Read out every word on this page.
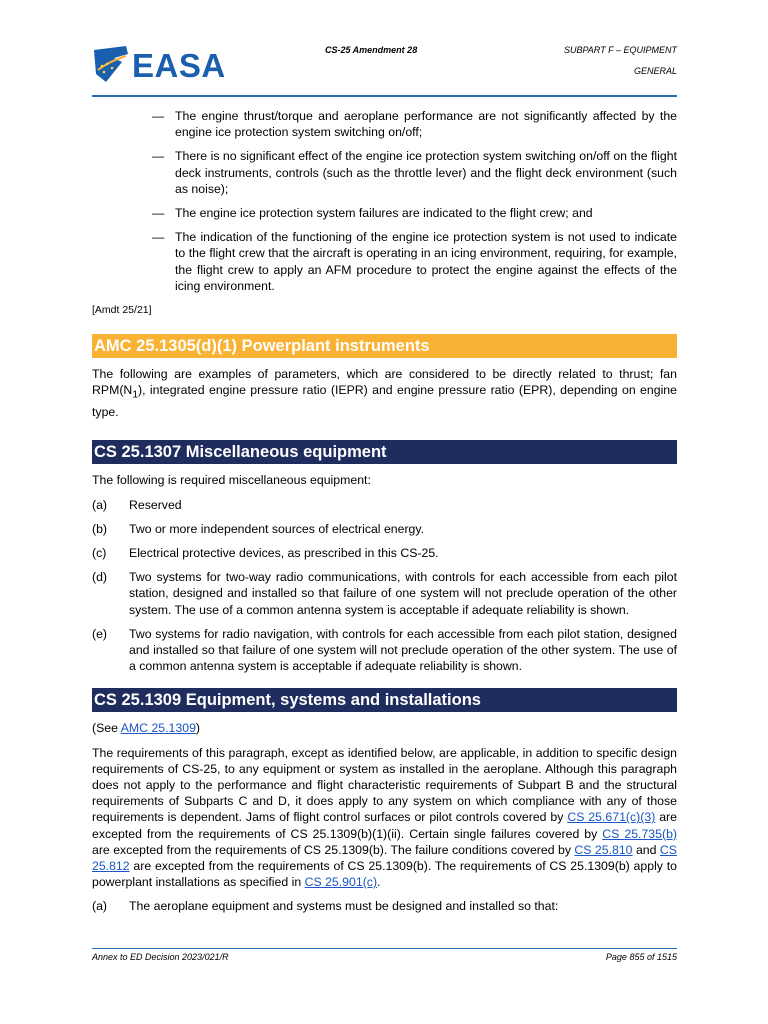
EASA	CS-25 Amendment 28	SUBPART F – EQUIPMENT
GENERAL
— The engine thrust/torque and aeroplane performance are not significantly affected by the engine ice protection system switching on/off;
— There is no significant effect of the engine ice protection system switching on/off on the flight deck instruments, controls (such as the throttle lever) and the flight deck environment (such as noise);
— The engine ice protection system failures are indicated to the flight crew; and
— The indication of the functioning of the engine ice protection system is not used to indicate to the flight crew that the aircraft is operating in an icing environment, requiring, for example, the flight crew to apply an AFM procedure to protect the engine against the effects of the icing environment.
[Amdt 25/21]
AMC 25.1305(d)(1) Powerplant instruments

The following are examples of parameters, which are considered to be directly related to thrust; fan $RPM(N_1)$, integrated engine pressure ratio (IEPR) and engine pressure ratio (EPR), depending on engine type.

CS 25.1307 Miscellaneous equipment

The following is required miscellaneous equipment:

(a) Reserved
(b) Two or more independent sources of electrical energy.
(c) Electrical protective devices, as prescribed in this CS-25.
(d) Two systems for two-way radio communications, with controls for each accessible from each pilot station, designed and installed so that failure of one system will not preclude operation of the other system. The use of a common antenna system is acceptable if adequate reliability is shown.
(e) Two systems for radio navigation, with controls for each accessible from each pilot station, designed and installed so that failure of one system will not preclude operation of the other system. The use of a common antenna system is acceptable if adequate reliability is shown.
CS 25.1309 Equipment, systems and installations

(See AMC 25.1309)

The requirements of this paragraph, except as identified below, are applicable, in addition to specific design requirements of CS-25, to any equipment or system as installed in the aeroplane. Although this paragraph does not apply to the performance and flight characteristic requirements of Subpart B and the structural requirements of Subparts C and D, it does apply to any system on which compliance with any of those requirements is dependent. Jams of flight control surfaces or pilot controls covered by CS 25.671(c)(3) are excepted from the requirements of CS 25.1309(b)(1)(ii). Certain single failures covered by CS 25.735(b) are excepted from the requirements of CS 25.1309(b). The failure conditions covered by CS 25.810 and CS 25.812 are excepted from the requirements of CS 25.1309(b). The requirements of CS 25.1309(b) apply to powerplant installations as specified in CS 25.901(c).

(a) The aeroplane equipment and systems must be designed and installed so that:
Annex to ED Decision 2023/021/R	Page 855 of 1515
